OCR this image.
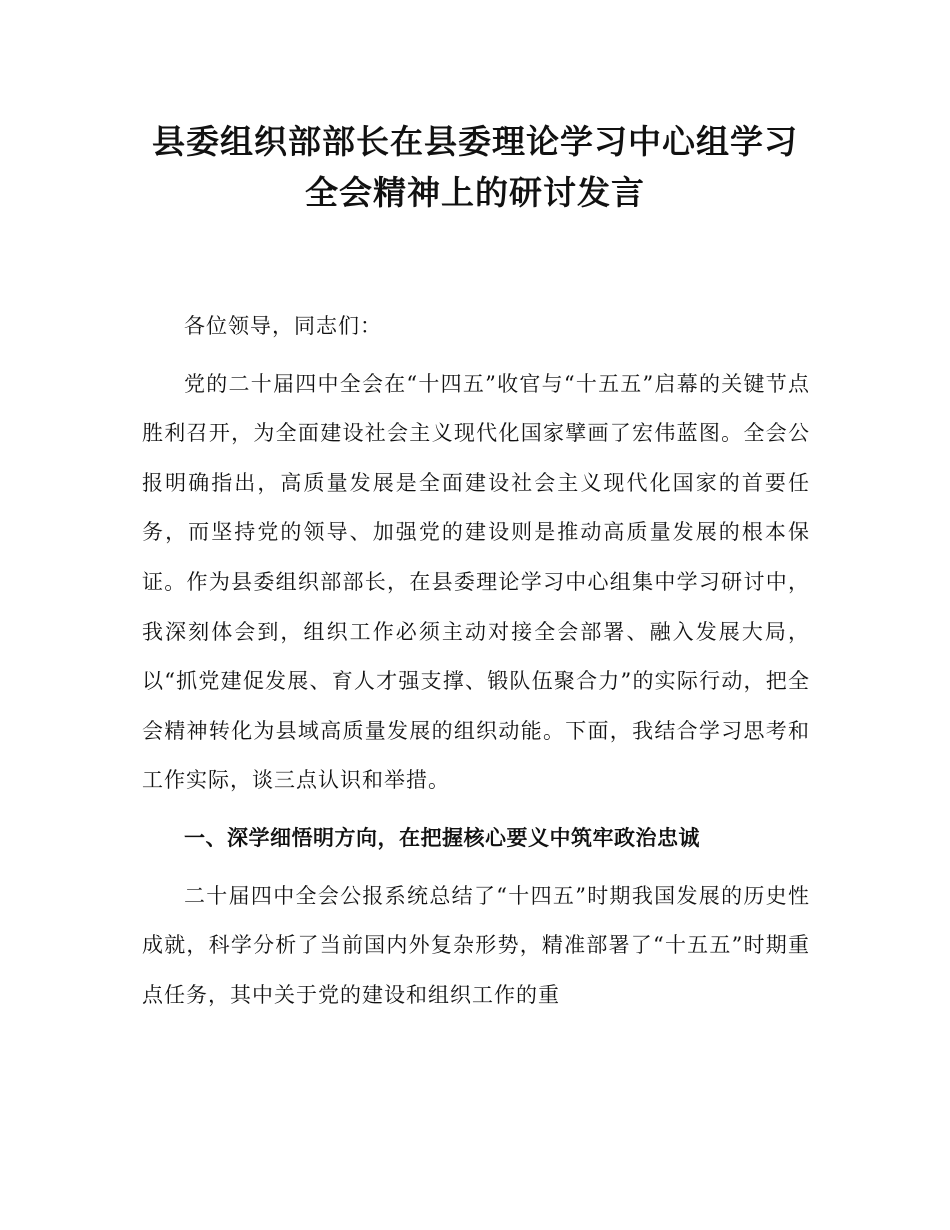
县委组织部部长在县委理论学习中心组学习
全会精神上的研讨发言

各位领导，同志们：

党的二十届四中全会在“十四五”收官与“十五五”启幕的关键节点胜利召开，为全面建设社会主义现代化国家擘画了宏伟蓝图。全会公报明确指出，高质量发展是全面建设社会主义现代化国家的首要任务，而坚持党的领导、加强党的建设则是推动高质量发展的根本保证。作为县委组织部部长，在县委理论学习中心组集中学习研讨中，我深刻体会到，组织工作必须主动对接全会部署、融入发展大局，以“抓党建促发展、育人才强支撑、锻队伍聚合力”的实际行动，把全会精神转化为县域高质量发展的组织动能。下面，我结合学习思考和工作实际，谈三点认识和举措。

一、深学细悟明方向，在把握核心要义中筑牢政治忠诚

二十届四中全会公报系统总结了“十四五”时期我国发展的历史性成就，科学分析了当前国内外复杂形势，精准部署了“十五五”时期重点任务，其中关于党的建设和组织工作的重
